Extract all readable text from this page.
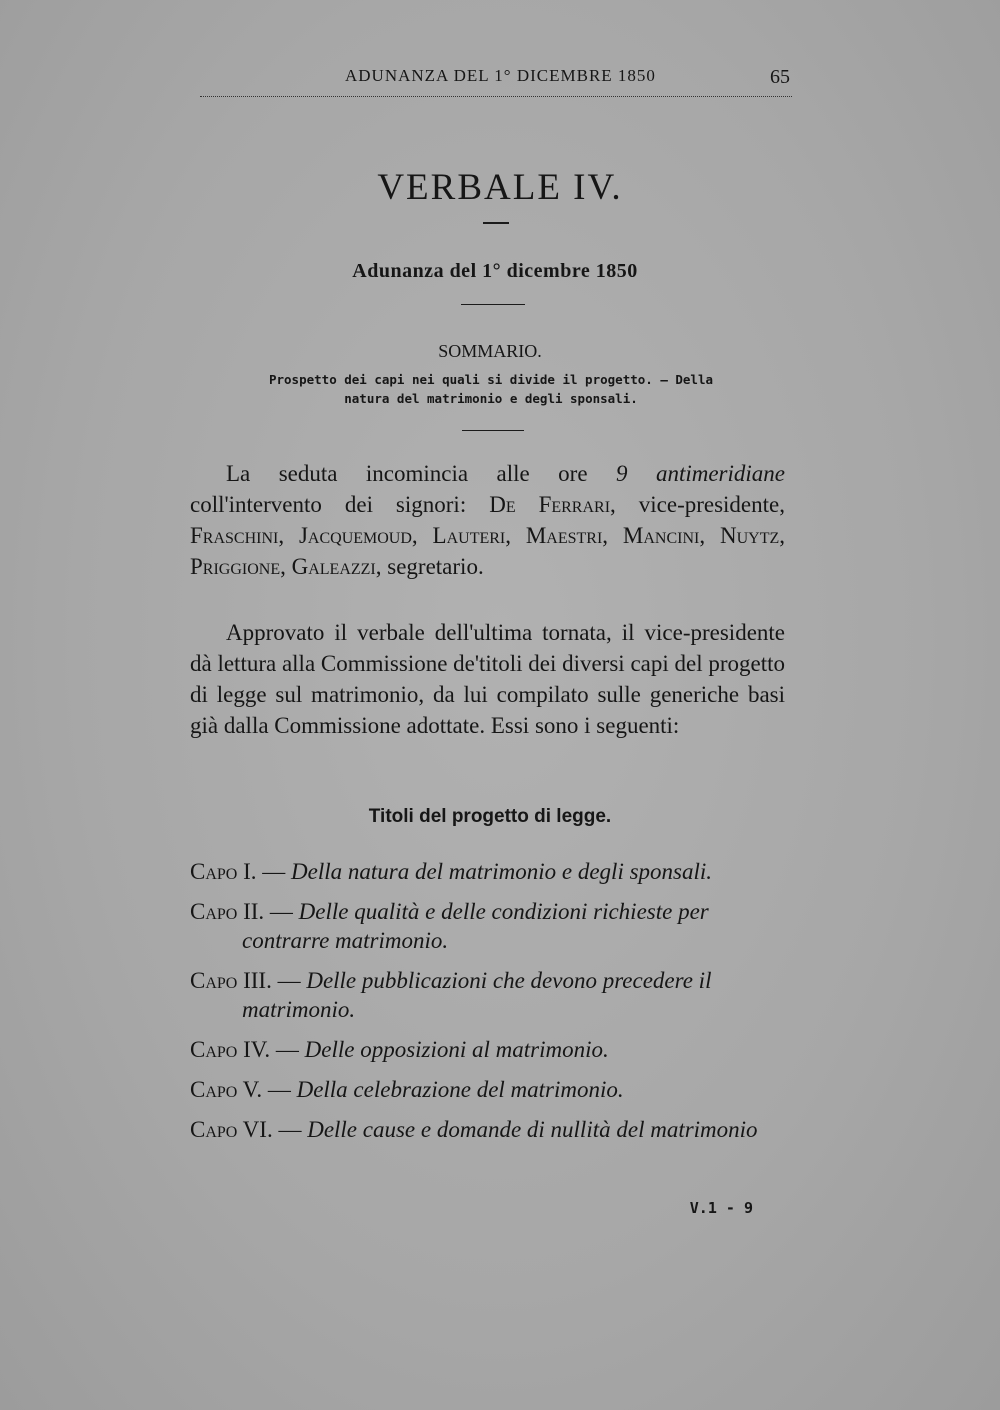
ADUNANZA DEL 1° DICEMBRE 1850	65
VERBALE IV.
Adunanza del 1° dicembre 1850
SOMMARIO.
Prospetto dei capi nei quali si divide il progetto. — Della natura del matrimonio e degli sponsali.
La seduta incomincia alle ore 9 antimeridiane coll'intervento dei signori: De Ferrari, vice-presidente, Fraschini, Jacquemoud, Lauteri, Maestri, Mancini, Nuytz, Priggione, Galeazzi, segretario.
Approvato il verbale dell'ultima tornata, il vice-presidente dà lettura alla Commissione de'titoli dei diversi capi del progetto di legge sul matrimonio, da lui compilato sulle generiche basi già dalla Commissione adottate. Essi sono i seguenti:
Titoli del progetto di legge.
Capo I. — Della natura del matrimonio e degli sponsali.
Capo II. — Delle qualità e delle condizioni richieste per contrarre matrimonio.
Capo III. — Delle pubblicazioni che devono precedere il matrimonio.
Capo IV. — Delle opposizioni al matrimonio.
Capo V. — Della celebrazione del matrimonio.
Capo VI. — Delle cause e domande di nullità del matrimonio
V.1 - 9
